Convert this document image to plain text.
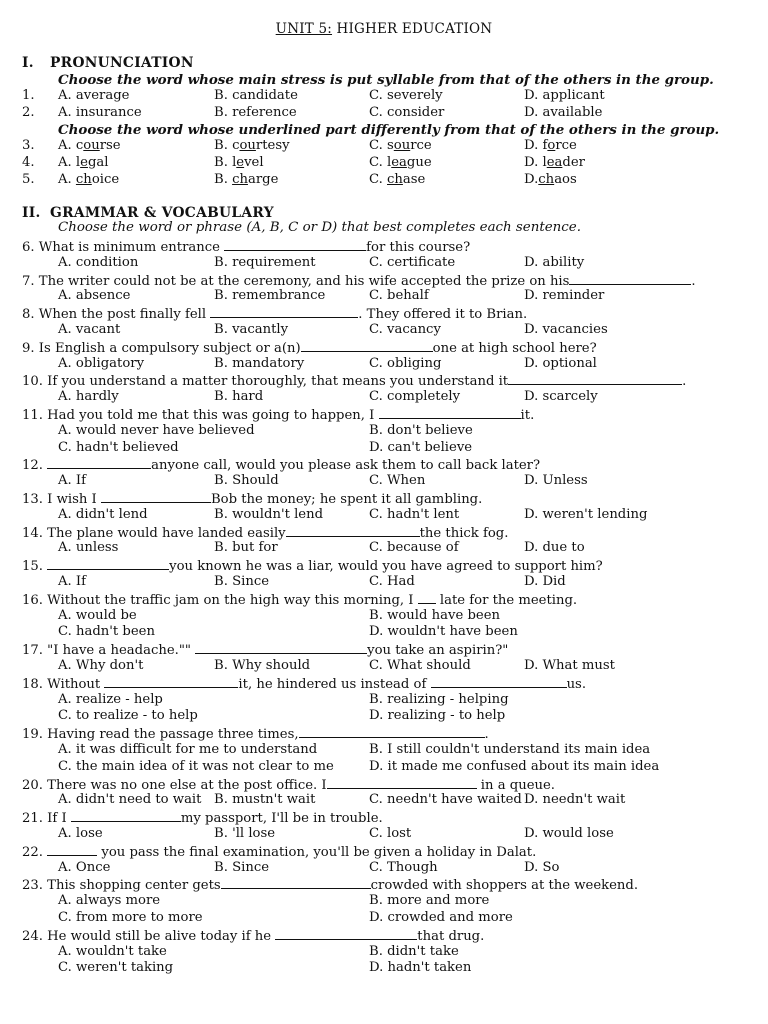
UNIT 5: HIGHER EDUCATION
I. PRONUNCIATION
Choose the word whose main stress is put syllable from that of the others in the group.
1. A. average	B. candidate	C. severely	D. applicant
2. A. insurance	B. reference	C. consider	D. available
Choose the word whose underlined part differently from that of the others in the group.
3. A. course	B. courtesy	C. source	D. force
4. A. legal	B. level	C. league	D. leader
5. A. choice	B. charge	C. chase	D.chaos
II. GRAMMAR & VOCABULARY
Choose the word or phrase (A, B, C or D) that best completes each sentence.
6. What is minimum entrance	for this course?
A. condition	B. requirement	C. certificate	D. ability
7. The writer could not be at the ceremony, and his wife accepted the prize on his	.
A. absence	B. remembrance	C. behalf	D. reminder
8. When the post finally fell	. They offered it to Brian.
A. vacant	B. vacantly	C. vacancy	D. vacancies
9. Is English a compulsory subject or a(n)	one at high school here?
A. obligatory	B. mandatory	C. obliging	D. optional
10. If you understand a matter thoroughly, that means you understand it	.
A. hardly	B. hard	C. completely	D. scarcely
11. Had you told me that this was going to happen, I	it.
A. would never have believed	B. don't believe
C. hadn't believed	D. can't believe
12.	anyone call, would you please ask them to call back later?
A. If	B. Should	C. When	D. Unless
13. I wish I	Bob the money; he spent it all gambling.
A. didn't lend	B. wouldn't lend	C. hadn't lent	D. weren't lending
14. The plane would have landed easily	the thick fog.
A. unless	B. but for	C. because of	D. due to
15.	you known he was a liar, would you have agreed to support him?
A. If	B. Since	C. Had	D. Did
16. Without the traffic jam on the high way this morning, I  late for the meeting.
A. would be	B. would have been
C. hadn't been	D. wouldn't have been
17. "I have a headache.""	you take an aspirin?"
A. Why don't	B. Why should	C. What should	D. What must
18. Without	it, he hindered us instead of	us.
A. realize - help	B. realizing - helping
C. to realize - to help	D. realizing - to help
19. Having read the passage three times,	.
A. it was difficult for me to understand	B. I still couldn't understand its main idea
C. the main idea of it was not clear to me	D. it made me confused about its main idea
20. There was no one else at the post office. I	in a queue.
A. didn't need to wait B. mustn't wait	C. needn't have waited D. needn't wait
21. If I	my passport, I'll be in trouble.
A. lose	B. 'll lose	C. lost	D. would lose
22.	you pass the final examination, you'll be given a holiday in Dalat.
A. Once	B. Since	C. Though	D. So
23. This shopping center gets	crowded with shoppers at the weekend.
A. always more	B. more and more
C. from more to more	D. crowded and more
24. He would still be alive today if he	that drug.
A. wouldn't take	B. didn't take
C. weren't taking	D. hadn't taken
